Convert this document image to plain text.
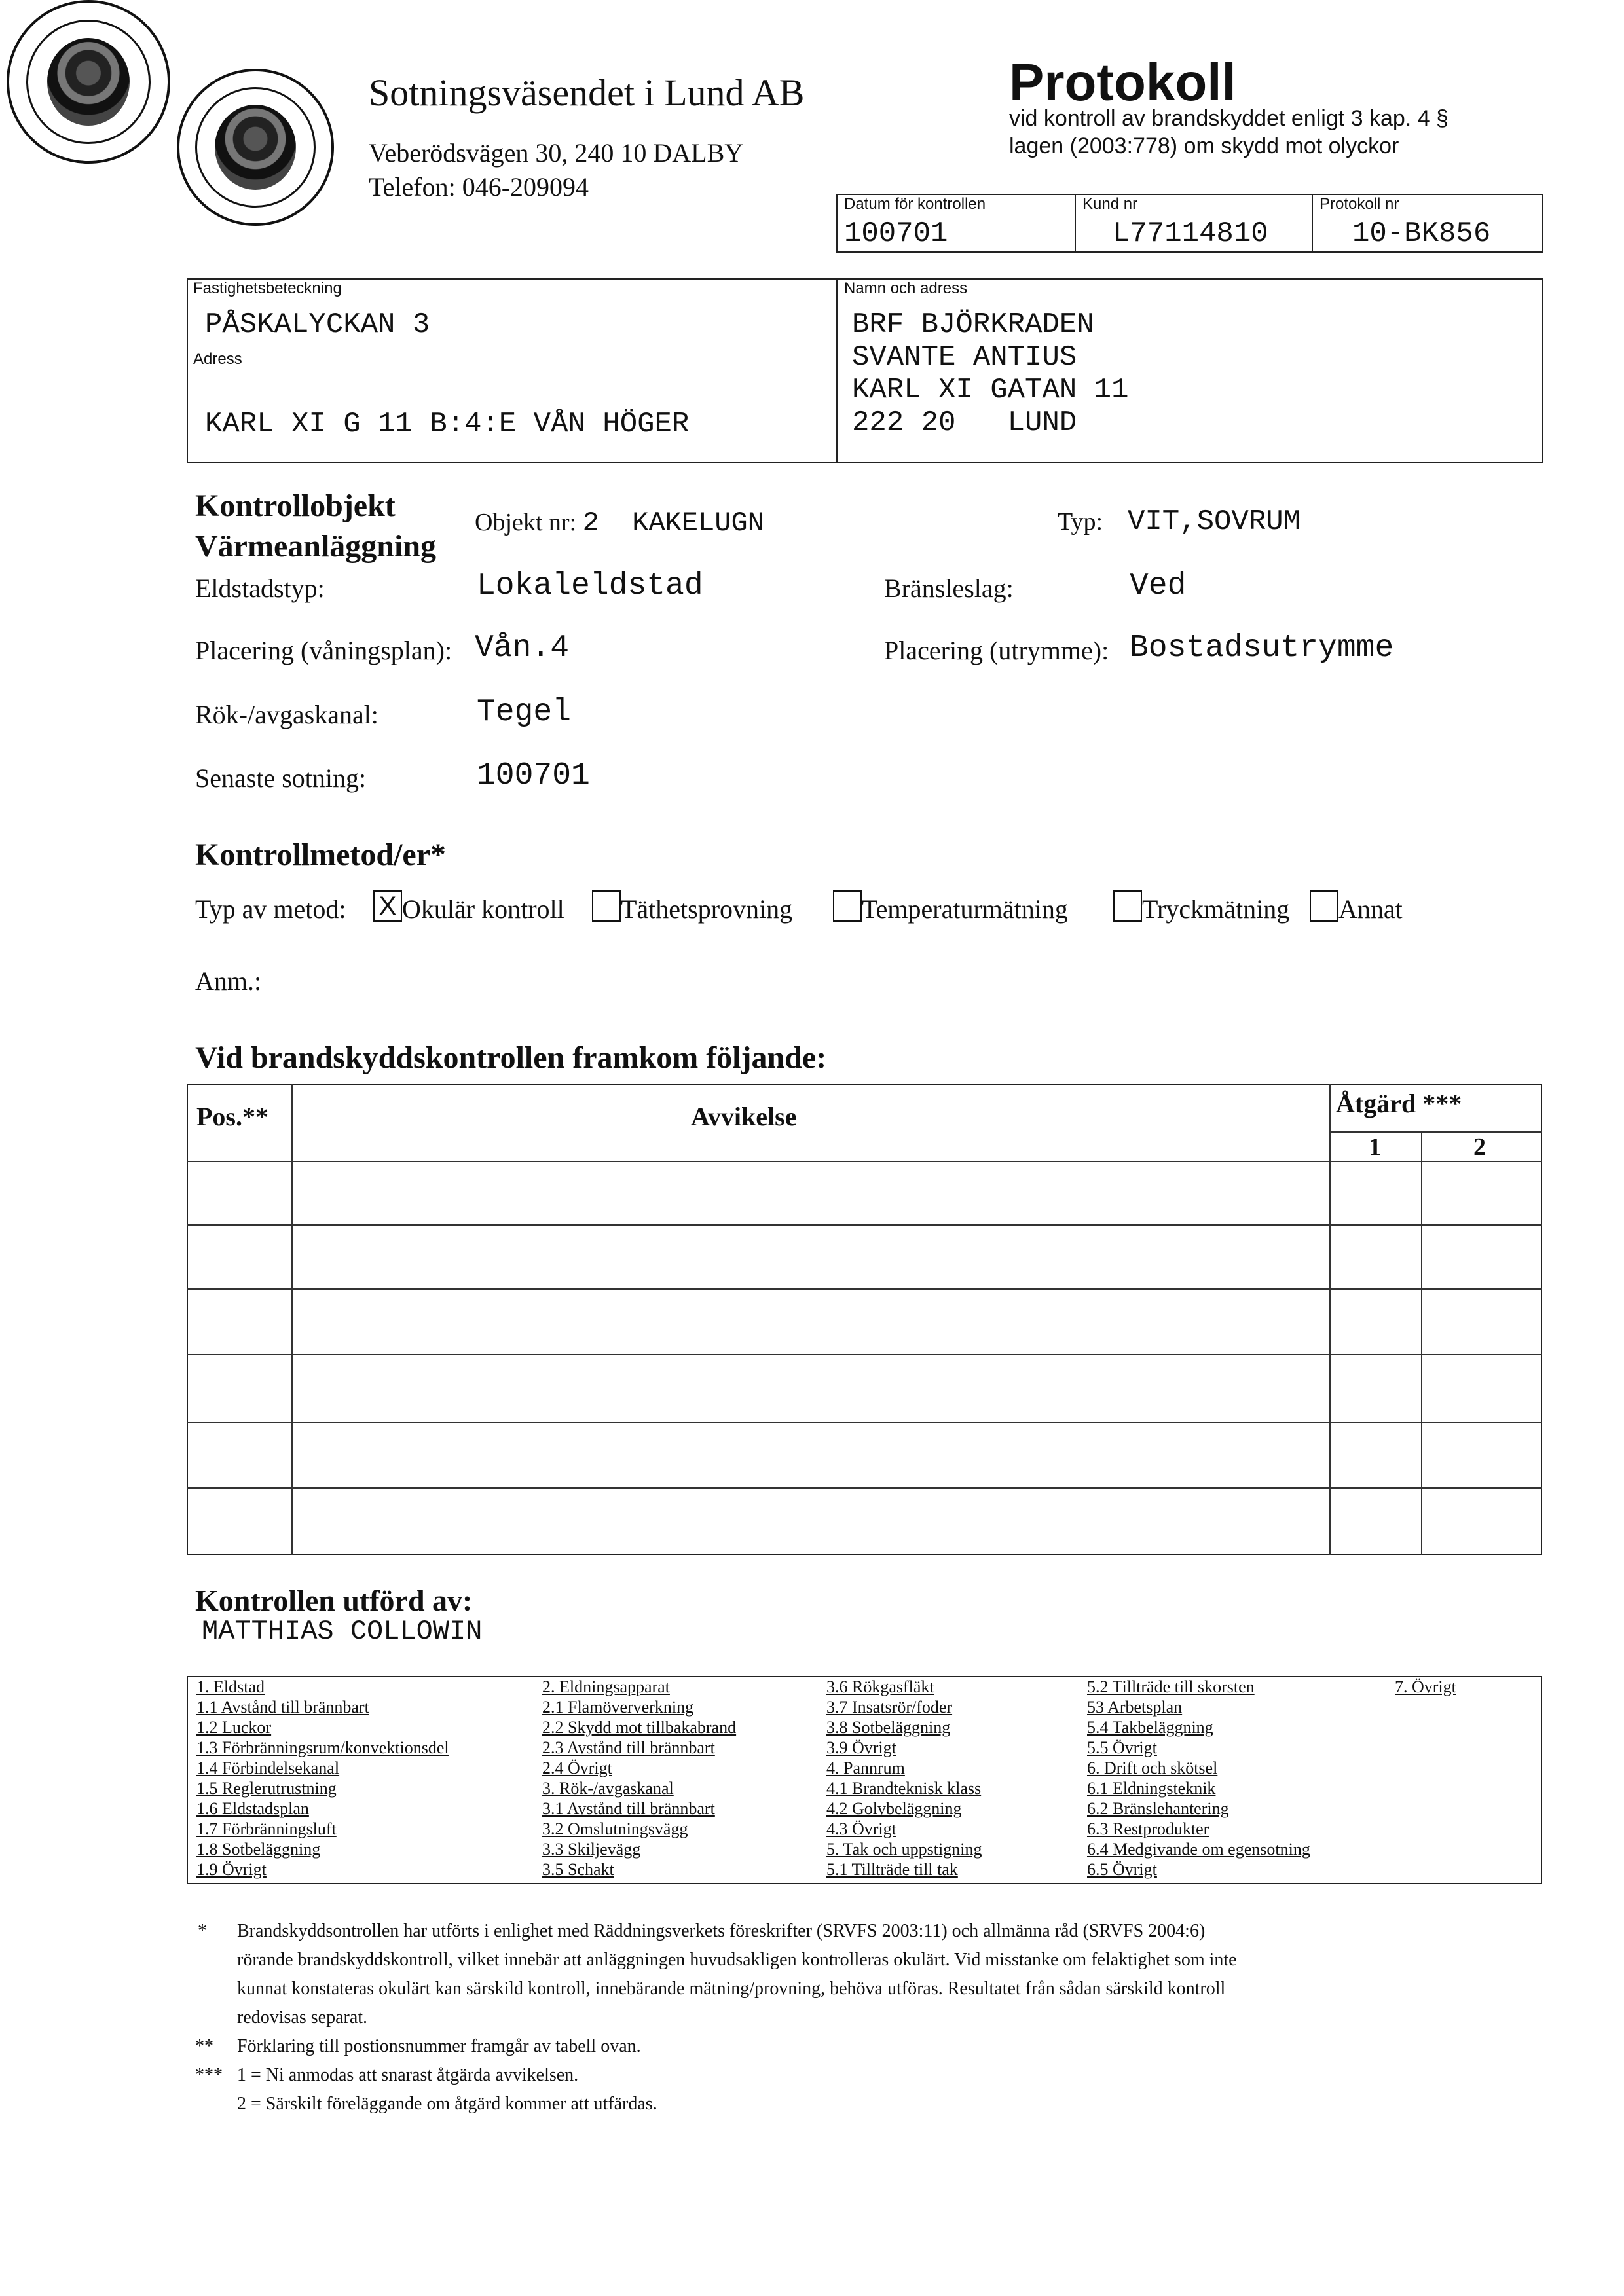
Sotningsväsendet i Lund AB
Veberödsvägen 30, 240 10 DALBY
Telefon: 046-209094
Protokoll
vid kontroll av brandskyddet enligt 3 kap. 4 §
lagen (2003:778) om skydd mot olyckor
Datum för kontrollen
100701
Kund nr
L77114810
Protokoll nr
10-BK856
Fastighetsbeteckning
PÅSKALYCKAN 3
Adress
KARL XI G 11 B:4:E VÅN HÖGER
Namn och adress
BRF BJÖRKRADEN
SVANTE ANTIUS
KARL XI GATAN 11
222 20   LUND
Kontrollobjekt
Värmeanläggning
Objekt nr: 2  KAKELUGN	Typ: VIT,SOVRUM
Eldstadstyp:	Lokaleldstad	Bränsleslag:	Ved
Placering (våningsplan): Vån.4	Placering (utrymme): Bostadsutrymme
Rök-/avgaskanal:	Tegel
Senaste sotning:	100701
Kontrollmetod/er*
Typ av metod: X Okulär kontroll Täthetsprovning	Temperaturmätning	Tryckmätning Annat
Anm.:
Vid brandskyddskontrollen framkom följande:
Pos.**	Avvikelse	Åtgärd ***
1	2
Kontrollen utförd av:
MATTHIAS COLLOWIN
1. Eldstad
1.1 Avstånd till brännbart
1.2 Luckor
1.3 Förbränningsrum/konvektionsdel
1.4 Förbindelsekanal
1.5 Reglerutrustning
1.6 Eldstadsplan
1.7 Förbränningsluft
1.8 Sotbeläggning
1.9 Övrigt
2. Eldningsapparat
2.1 Flamöververkning
2.2 Skydd mot tillbakabrand
2.3 Avstånd till brännbart
2.4 Övrigt
3. Rök-/avgaskanal
3.1 Avstånd till brännbart
3.2 Omslutningsvägg
3.3 Skiljevägg
3.5 Schakt
3.6 Rökgasfläkt
3.7 Insatsrör/foder
3.8 Sotbeläggning
3.9 Övrigt
4. Pannrum
4.1 Brandteknisk klass
4.2 Golvbeläggning
4.3 Övrigt
5. Tak och uppstigning
5.1 Tillträde till tak
5.2 Tillträde till skorsten
53 Arbetsplan
5.4 Takbeläggning
5.5 Övrigt
6. Drift och skötsel
6.1 Eldningsteknik
6.2 Bränslehantering
6.3 Restprodukter
6.4 Medgivande om egensotning
6.5 Övrigt
7. Övrigt
* Brandskyddsontrollen har utförts i enlighet med Räddningsverkets föreskrifter (SRVFS 2003:11) och allmänna råd (SRVFS 2004:6)
rörande brandskyddskontroll, vilket innebär att anläggningen huvudsakligen kontrolleras okulärt. Vid misstanke om felaktighet som inte
kunnat konstateras okulärt kan särskild kontroll, innebärande mätning/provning, behöva utföras. Resultatet från sådan särskild kontroll
redovisas separat.
** Förklaring till postionsnummer framgår av tabell ovan.
*** 1 = Ni anmodas att snarast åtgärda avvikelsen.
2 = Särskilt föreläggande om åtgärd kommer att utfärdas.
